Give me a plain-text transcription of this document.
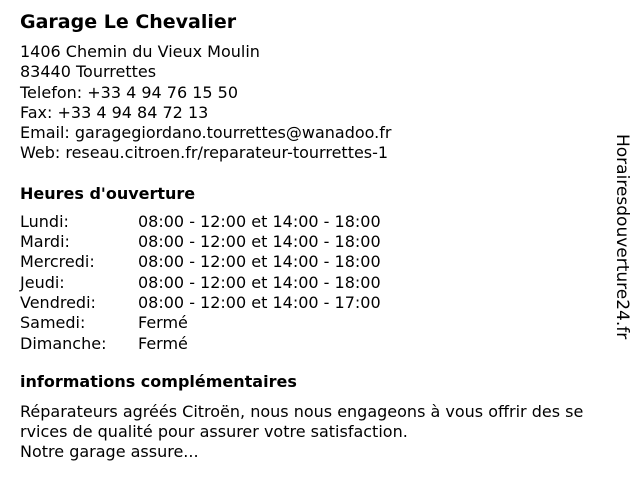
Garage Le Chevalier
1406 Chemin du Vieux Moulin
83440 Tourrettes
Telefon: +33 4 94 76 15 50
Fax: +33 4 94 84 72 13
Email: garagegiordano.tourrettes@wanadoo.fr
Web: reseau.citroen.fr/reparateur-tourrettes-1
Heures d'ouverture
Lundi:	08:00 - 12:00 et 14:00 - 18:00
Mardi:	08:00 - 12:00 et 14:00 - 18:00
Mercredi:	08:00 - 12:00 et 14:00 - 18:00
Jeudi:	08:00 - 12:00 et 14:00 - 18:00
Vendredi:	08:00 - 12:00 et 14:00 - 17:00
Samedi:	Fermé
Dimanche:	Fermé
informations complémentaires
Réparateurs agréés Citroën, nous nous engageons à vous offrir des se
rvices de qualité pour assurer votre satisfaction.
Notre garage assure...
Horairesdouverture24.fr
